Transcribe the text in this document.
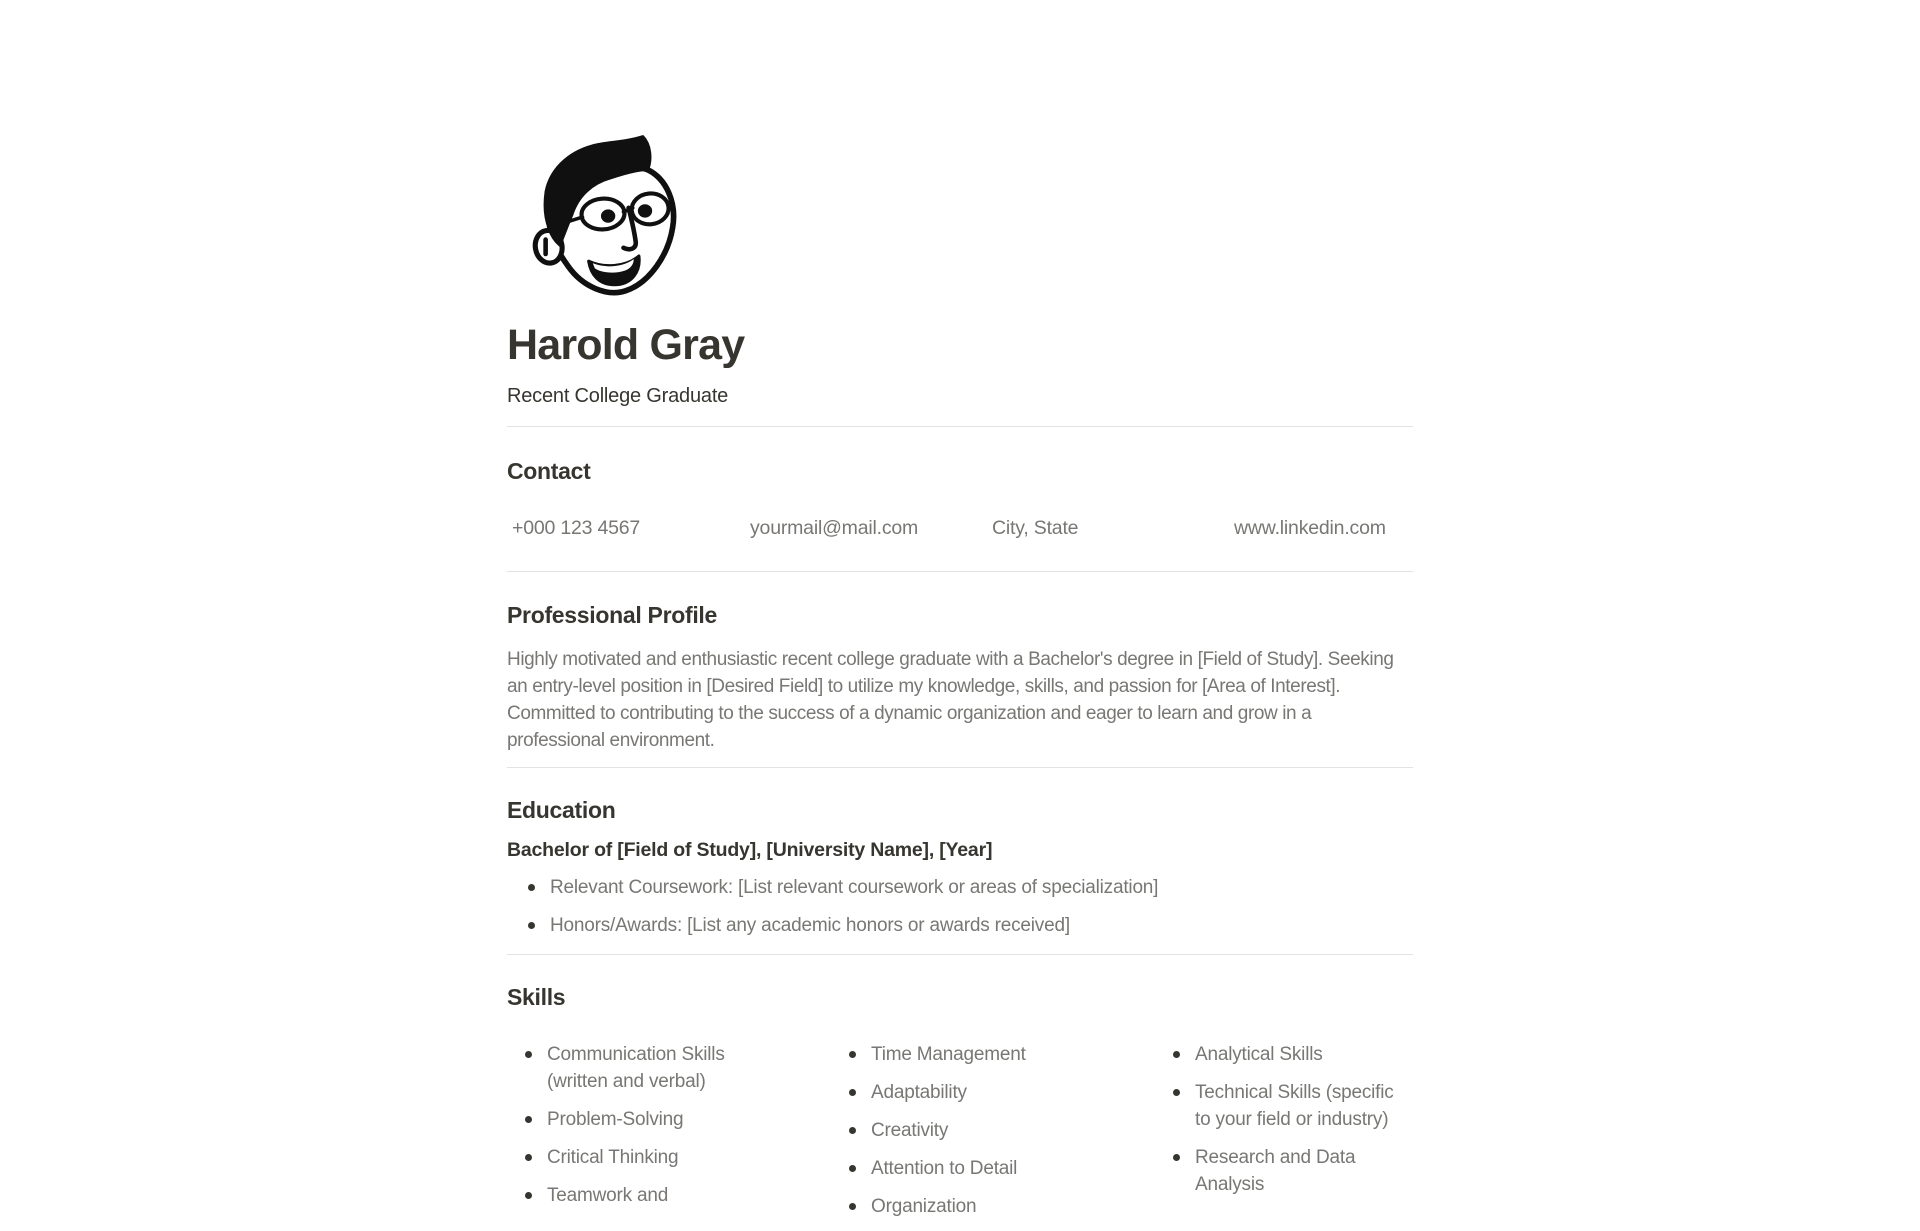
Harold Gray

Recent College Graduate

Contact
+000 123 4567	yourmail@mail.com	City, State	www.linkedin.com
Professional Profile

Highly motivated and enthusiastic recent college graduate with a Bachelor's degree in [Field of Study]. Seeking an entry-level position in [Desired Field] to utilize my knowledge, skills, and passion for [Area of Interest]. Committed to contributing to the success of a dynamic organization and eager to learn and grow in a professional environment.

Education

Bachelor of [Field of Study], [University Name], [Year]

Relevant Coursework: [List relevant coursework or areas of specialization]
Honors/Awards: [List any academic honors or awards received]
Skills
Communication Skills (written and verbal)
Problem-Solving
Critical Thinking
Teamwork and
Time Management
Adaptability
Creativity
Attention to Detail
Organization
Analytical Skills
Technical Skills (specific to your field or industry)
Research and Data Analysis
